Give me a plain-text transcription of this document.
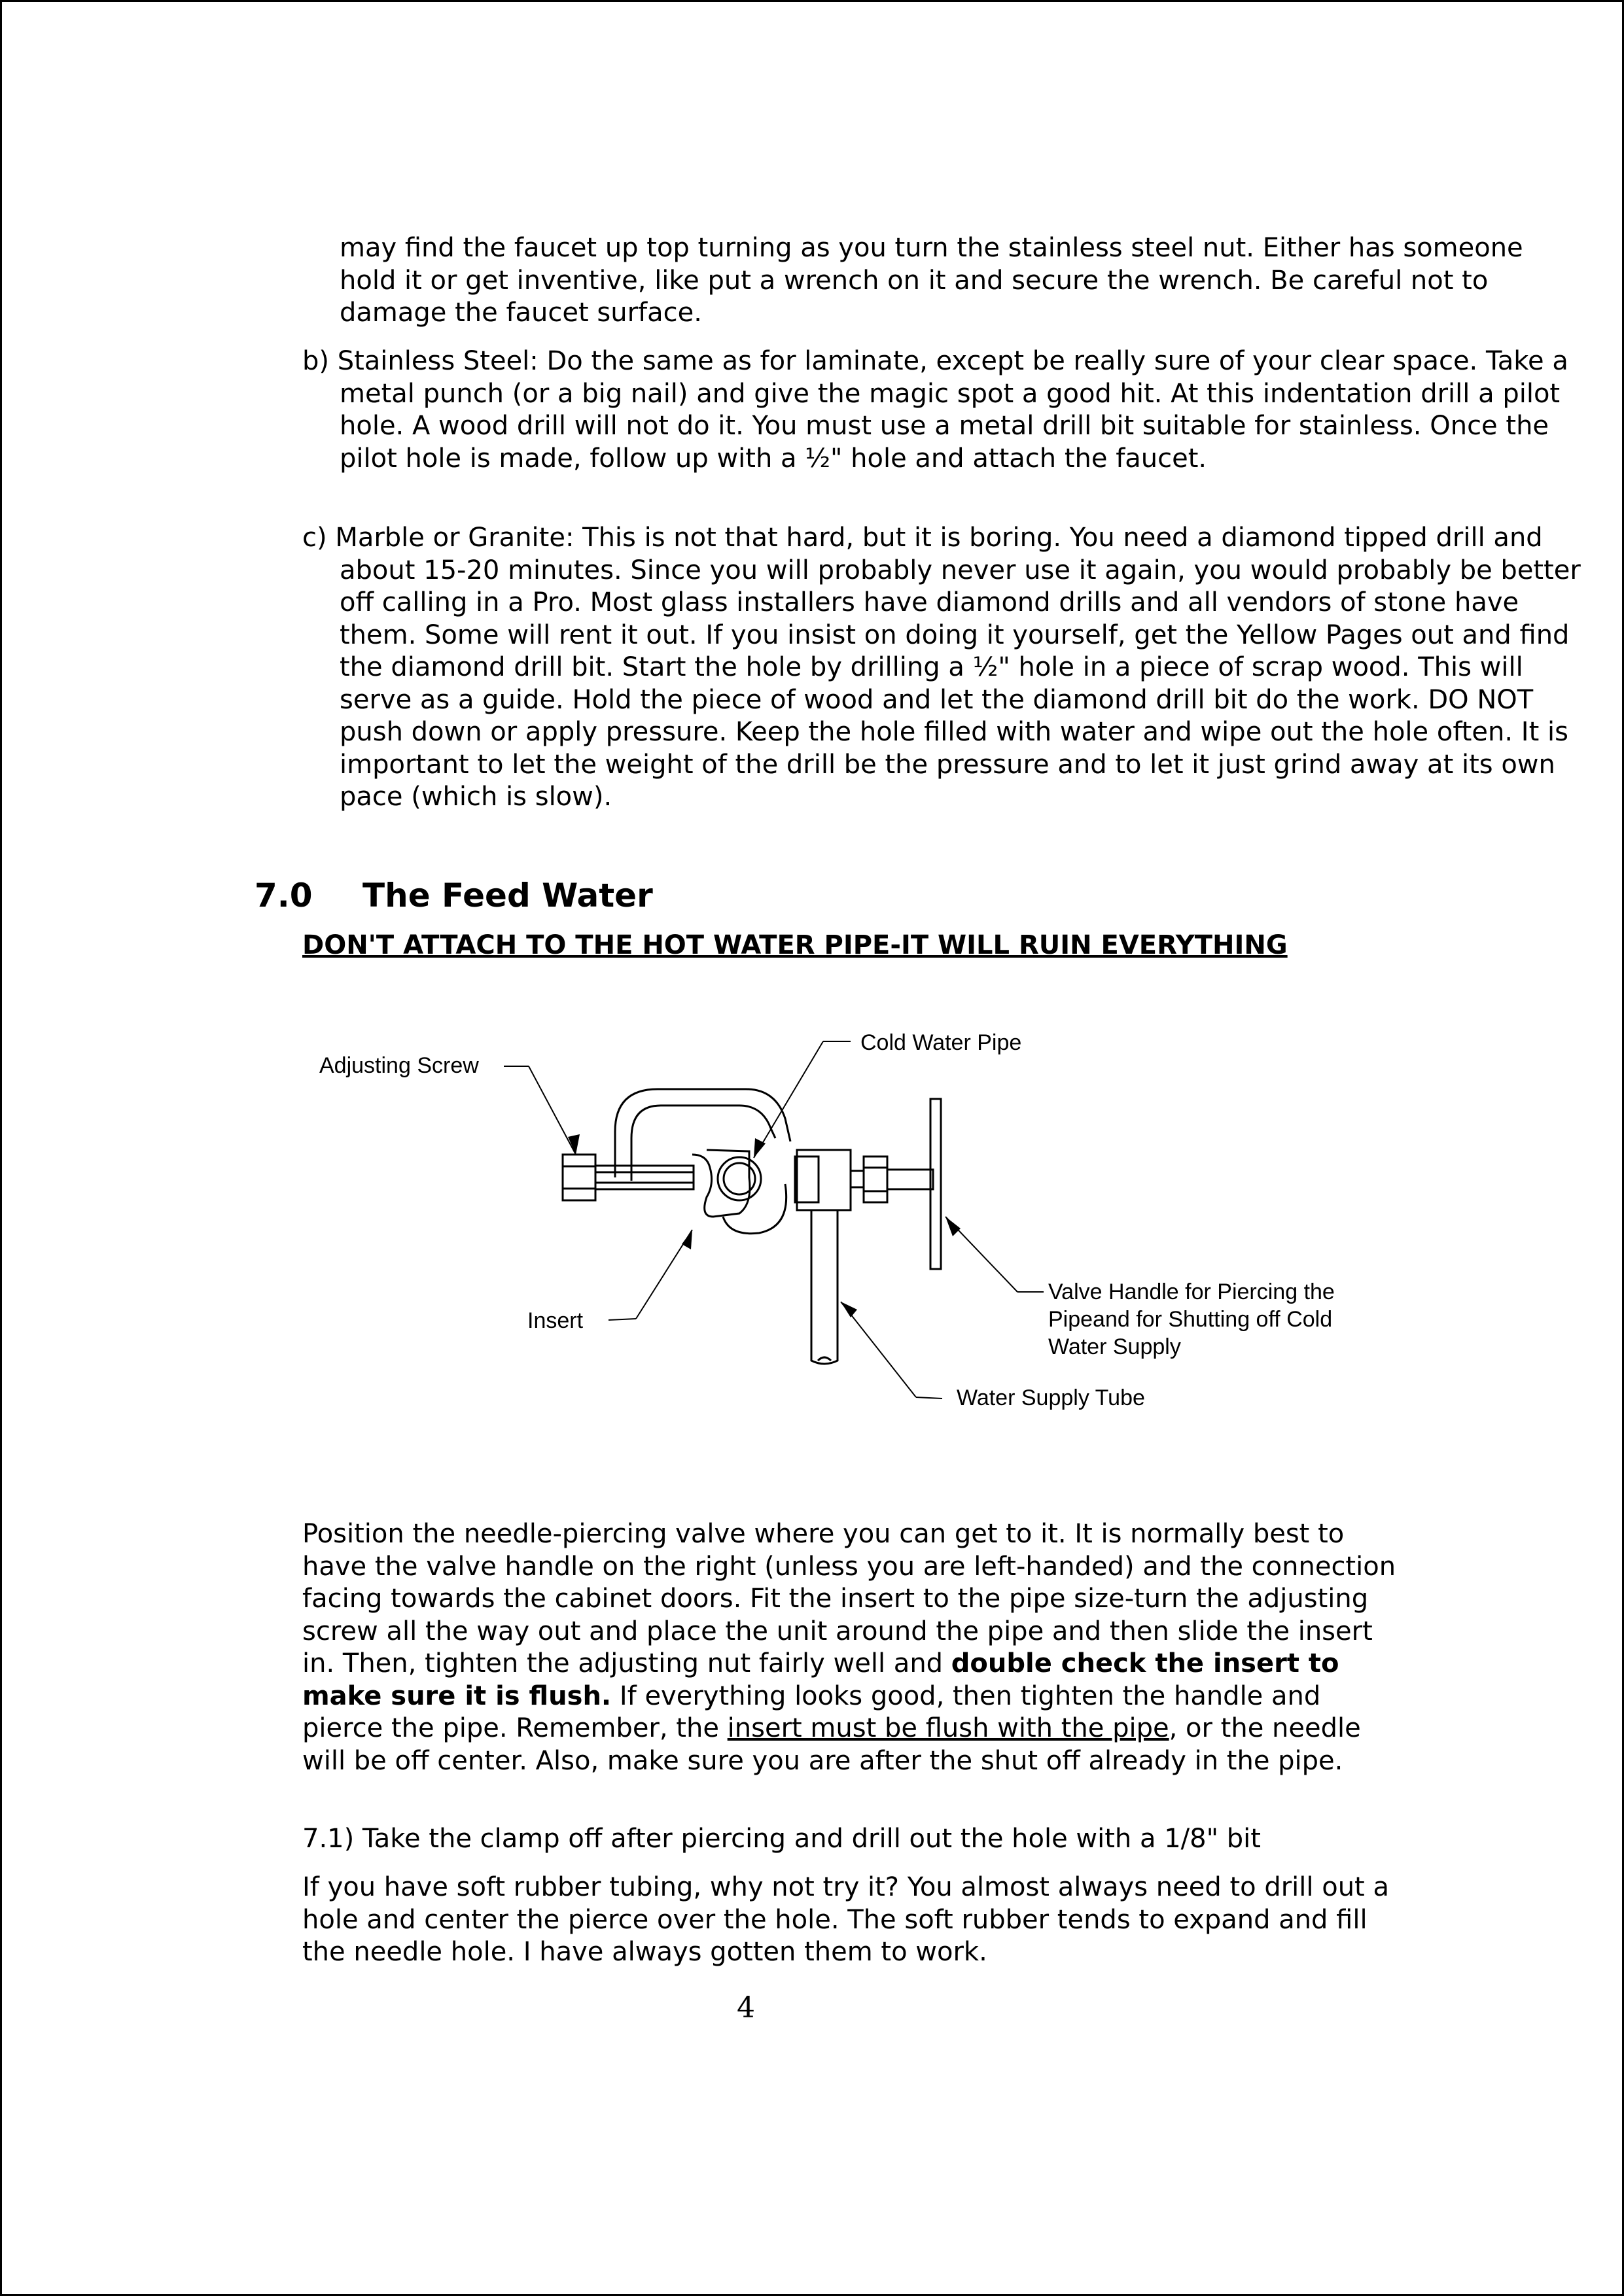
may find the faucet up top turning as you turn the stainless steel nut. Either has someone hold it or get inventive, like put a wrench on it and secure the wrench. Be careful not to damage the faucet surface.
b) Stainless Steel: Do the same as for laminate, except be really sure of your clear space. Take a metal punch (or a big nail) and give the magic spot a good hit. At this indentation drill a pilot hole. A wood drill will not do it. You must use a metal drill bit suitable for stainless. Once the pilot hole is made, follow up with a ½" hole and attach the faucet.
c) Marble or Granite: This is not that hard, but it is boring. You need a diamond tipped drill and about 15-20 minutes. Since you will probably never use it again, you would probably be better off calling in a Pro. Most glass installers have diamond drills and all vendors of stone have them. Some will rent it out. If you insist on doing it yourself, get the Yellow Pages out and find the diamond drill bit. Start the hole by drilling a ½" hole in a piece of scrap wood. This will serve as a guide. Hold the piece of wood and let the diamond drill bit do the work. DO NOT push down or apply pressure. Keep the hole filled with water and wipe out the hole often. It is important to let the weight of the drill be the pressure and to let it just grind away at its own pace (which is slow).
7.0 The Feed Water
DON'T ATTACH TO THE HOT WATER PIPE-IT WILL RUIN EVERYTHING
Adjusting Screw
Cold Water Pipe
Insert
Valve Handle for Piercing the
Pipeand for Shutting off Cold
Water Supply
Water Supply Tube
Position the needle-piercing valve where you can get to it. It is normally best to have the valve handle on the right (unless you are left-handed) and the connection facing towards the cabinet doors. Fit the insert to the pipe size-turn the adjusting screw all the way out and place the unit around the pipe and then slide the insert in. Then, tighten the adjusting nut fairly well and double check the insert to make sure it is flush. If everything looks good, then tighten the handle and pierce the pipe. Remember, the insert must be flush with the pipe, or the needle will be off center. Also, make sure you are after the shut off already in the pipe.
7.1) Take the clamp off after piercing and drill out the hole with a 1/8" bit
If you have soft rubber tubing, why not try it? You almost always need to drill out a hole and center the pierce over the hole. The soft rubber tends to expand and fill the needle hole. I have always gotten them to work.
4
